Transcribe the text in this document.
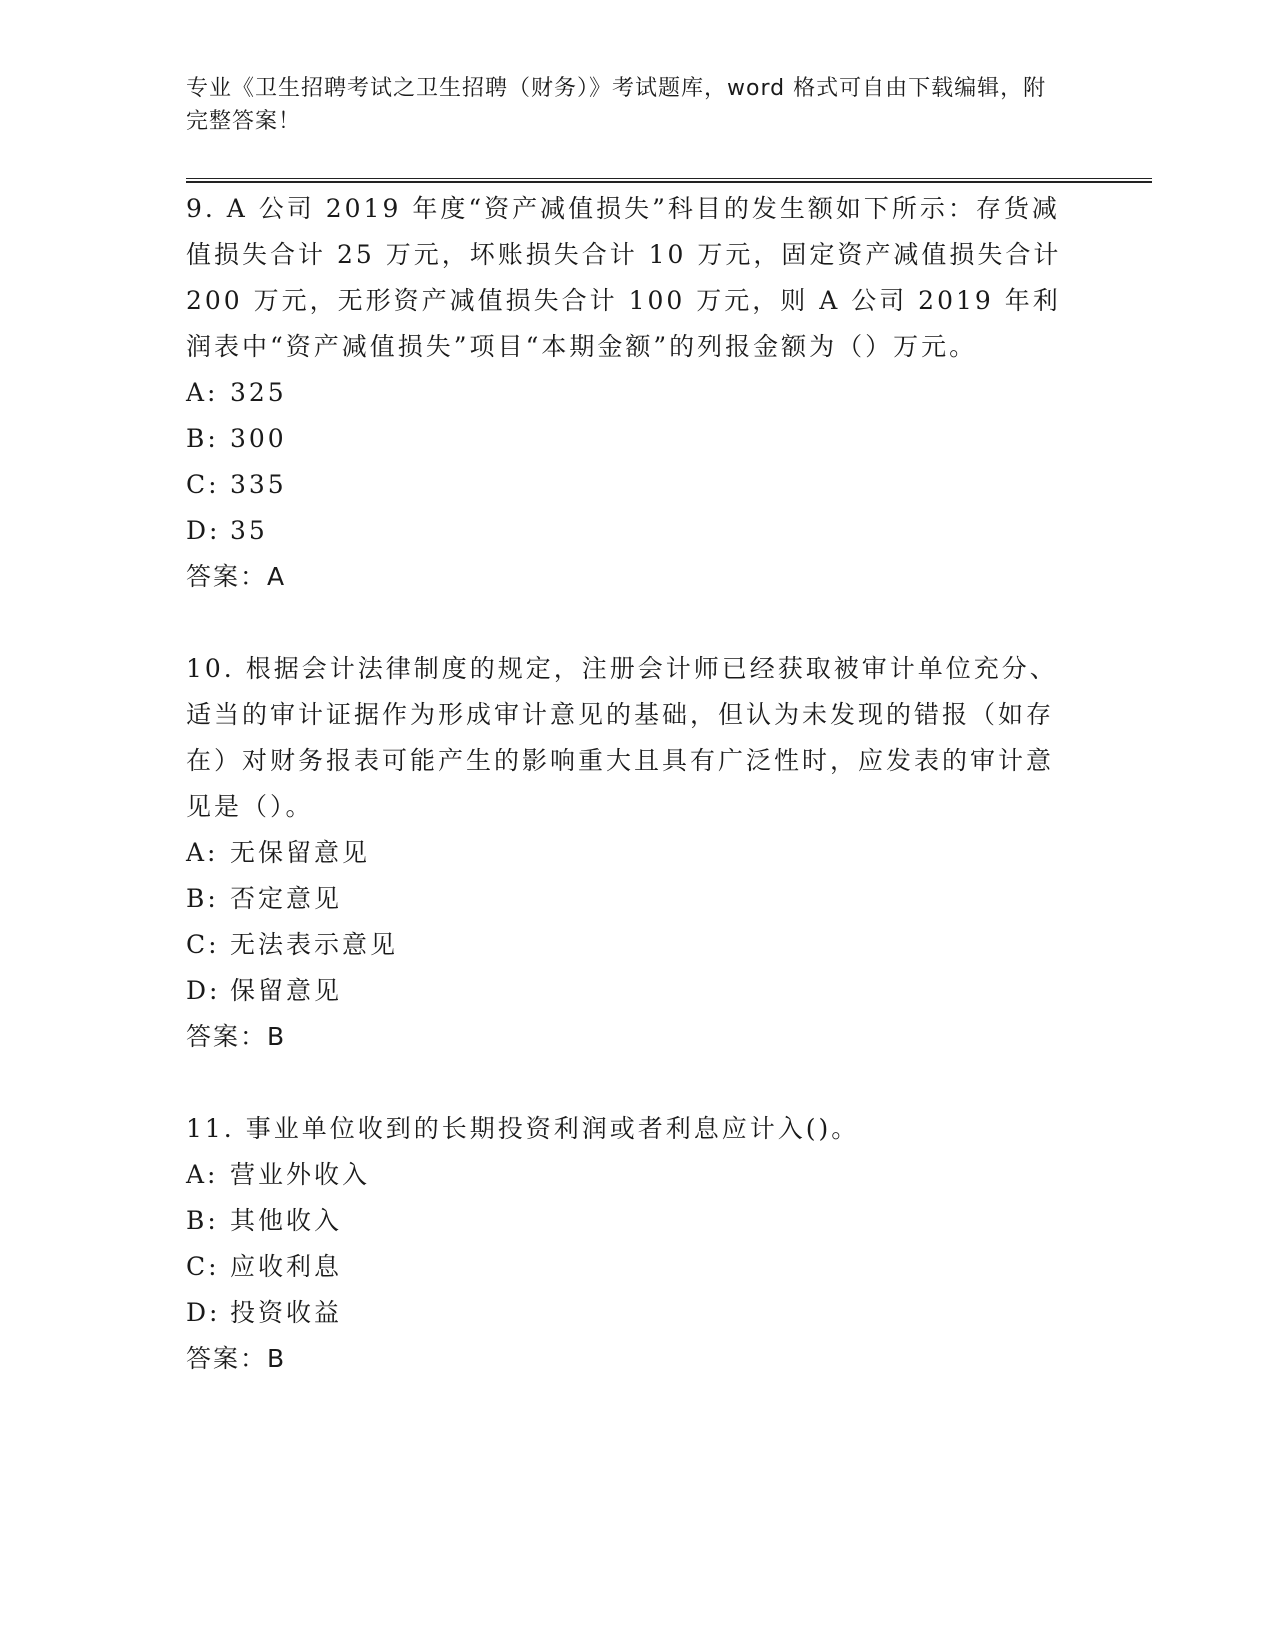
专业《卫生招聘考试之卫生招聘（财务）》考试题库，word 格式可自由下载编辑，附完整答案！

9. A 公司 2019 年度“资产减值损失”科目的发生额如下所示：存货减值损失合计 25 万元，坏账损失合计 10 万元，固定资产减值损失合计 200 万元，无形资产减值损失合计 100 万元，则 A 公司 2019 年利润表中“资产减值损失”项目“本期金额”的列报金额为（）万元。

A: 325

B: 300

C: 335

D: 35

答案：A

10. 根据会计法律制度的规定，注册会计师已经获取被审计单位充分、适当的审计证据作为形成审计意见的基础，但认为未发现的错报（如存在）对财务报表可能产生的影响重大且具有广泛性时，应发表的审计意见是（）。

A: 无保留意见

B: 否定意见

C: 无法表示意见

D: 保留意见

答案：B

11. 事业单位收到的长期投资利润或者利息应计入()。

A: 营业外收入

B: 其他收入

C: 应收利息

D: 投资收益

答案：B
